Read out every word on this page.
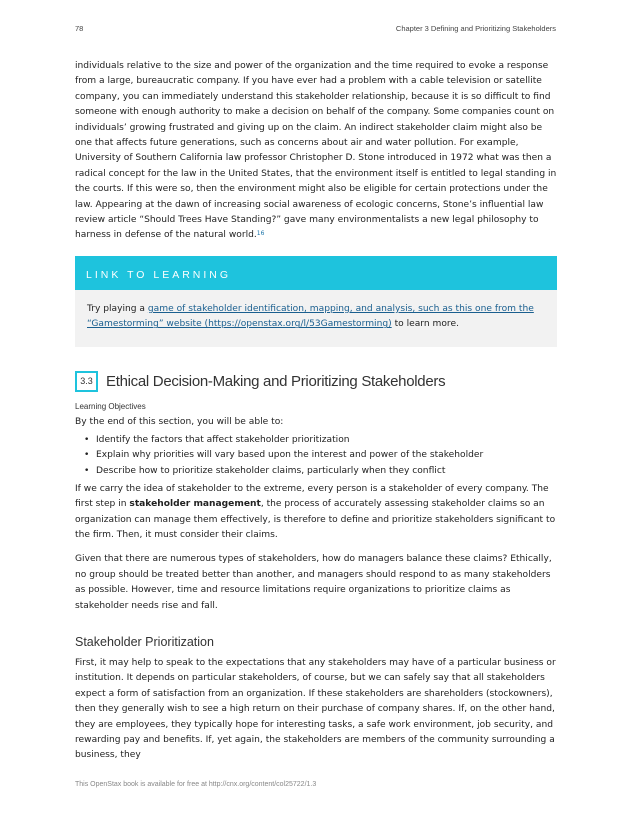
78	Chapter 3 Defining and Prioritizing Stakeholders

individuals relative to the size and power of the organization and the time required to evoke a response from a large, bureaucratic company. If you have ever had a problem with a cable television or satellite company, you can immediately understand this stakeholder relationship, because it is so difficult to find someone with enough authority to make a decision on behalf of the company. Some companies count on individuals’ growing frustrated and giving up on the claim. An indirect stakeholder claim might also be one that affects future generations, such as concerns about air and water pollution. For example, University of Southern California law professor Christopher D. Stone introduced in 1972 what was then a radical concept for the law in the United States, that the environment itself is entitled to legal standing in the courts. If this were so, then the environment might also be eligible for certain protections under the law. Appearing at the dawn of increasing social awareness of ecologic concerns, Stone’s influential law review article “Should Trees Have Standing?” gave many environmentalists a new legal philosophy to harness in defense of the natural world.$^{16}$

LINK TO LEARNING
Try playing a game of stakeholder identification, mapping, and analysis, such as this one from the “Gamestorming” website (https://openstax.org/l/53Gamestorming) to learn more.
3.3 Ethical Decision-Making and Prioritizing Stakeholders
Learning Objectives

By the end of this section, you will be able to:

• Identify the factors that affect stakeholder prioritization
• Explain why priorities will vary based upon the interest and power of the stakeholder
• Describe how to prioritize stakeholder claims, particularly when they conflict

If we carry the idea of stakeholder to the extreme, every person is a stakeholder of every company. The first step in stakeholder management, the process of accurately assessing stakeholder claims so an organization can manage them effectively, is therefore to define and prioritize stakeholders significant to the firm. Then, it must consider their claims.

Given that there are numerous types of stakeholders, how do managers balance these claims? Ethically, no group should be treated better than another, and managers should respond to as many stakeholders as possible. However, time and resource limitations require organizations to prioritize claims as stakeholder needs rise and fall.

Stakeholder Prioritization

First, it may help to speak to the expectations that any stakeholders may have of a particular business or institution. It depends on particular stakeholders, of course, but we can safely say that all stakeholders expect a form of satisfaction from an organization. If these stakeholders are shareholders (stockowners), then they generally wish to see a high return on their purchase of company shares. If, on the other hand, they are employees, they typically hope for interesting tasks, a safe work environment, job security, and rewarding pay and benefits. If, yet again, the stakeholders are members of the community surrounding a business, they

This OpenStax book is available for free at http://cnx.org/content/col25722/1.3
